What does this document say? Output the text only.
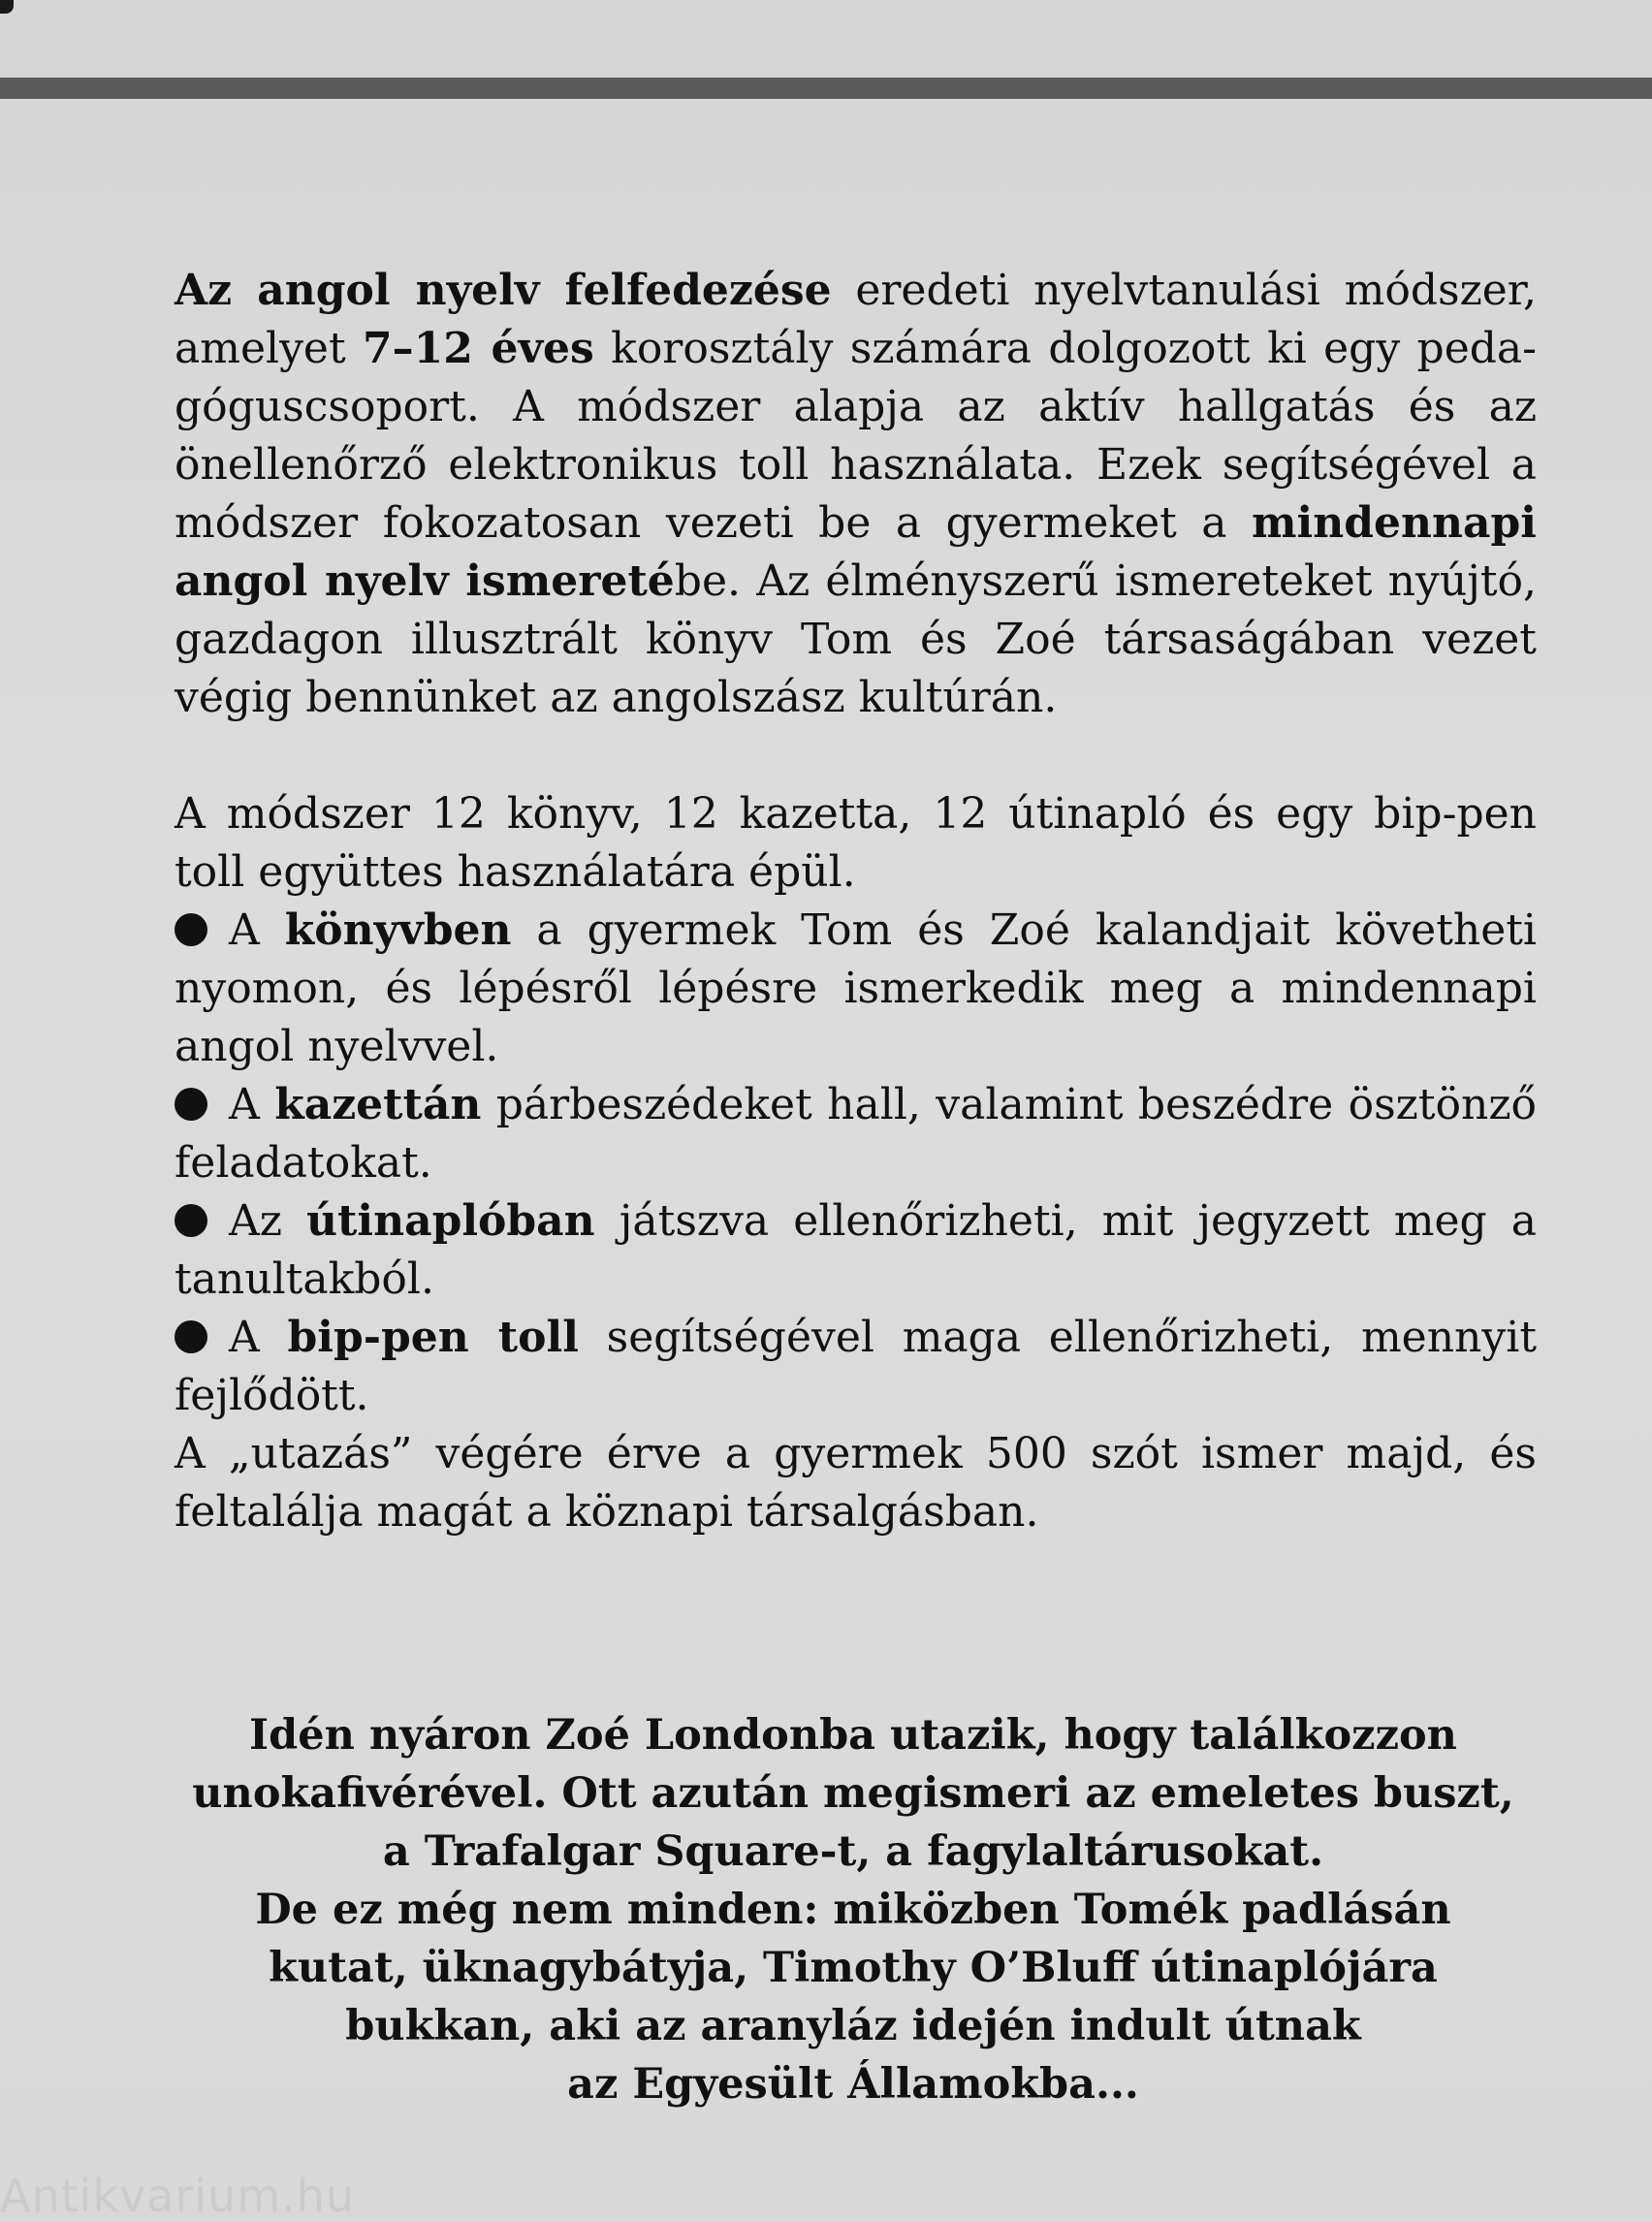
Az angol nyelv felfedezése eredeti nyelvtanulási módszer, amelyet 7–12 éves korosztály számára dolgozott ki egy pedagóguscsoport. A módszer alapja az aktív hallgatás és az önellenőrző elektronikus toll használata. Ezek segítségével a módszer fokozatosan vezeti be a gyermeket a mindennapi angol nyelv ismeretébe. Az élményszerű ismereteket nyújtó, gazdagon illusztrált könyv Tom és Zoé társaságában vezet végig bennünket az angolszász kultúrán.

A módszer 12 könyv, 12 kazetta, 12 útinapló és egy bip-pen toll együttes használatára épül.

A könyvben a gyermek Tom és Zoé kalandjait követheti nyomon, és lépésről lépésre ismerkedik meg a mindennapi angol nyelvvel.

A kazettán párbeszédeket hall, valamint beszédre ösztönző feladatokat.

Az útinaplóban játszva ellenőrizheti, mit jegyzett meg a tanultakból.

A bip-pen toll segítségével maga ellenőrizheti, mennyit fejlődött.

A „utazás” végére érve a gyermek 500 szót ismer majd, és feltalálja magát a köznapi társalgásban.

Idén nyáron Zoé Londonba utazik, hogy találkozzon

unokafivérével. Ott azután megismeri az emeletes buszt,

a Trafalgar Square-t, a fagylaltárusokat.

De ez még nem minden: miközben Tomék padlásán

kutat, üknagybátyja, Timothy O’Bluff útinaplójára

bukkan, aki az aranyláz idején indult útnak

az Egyesült Államokba...

Antikvarium.hu
